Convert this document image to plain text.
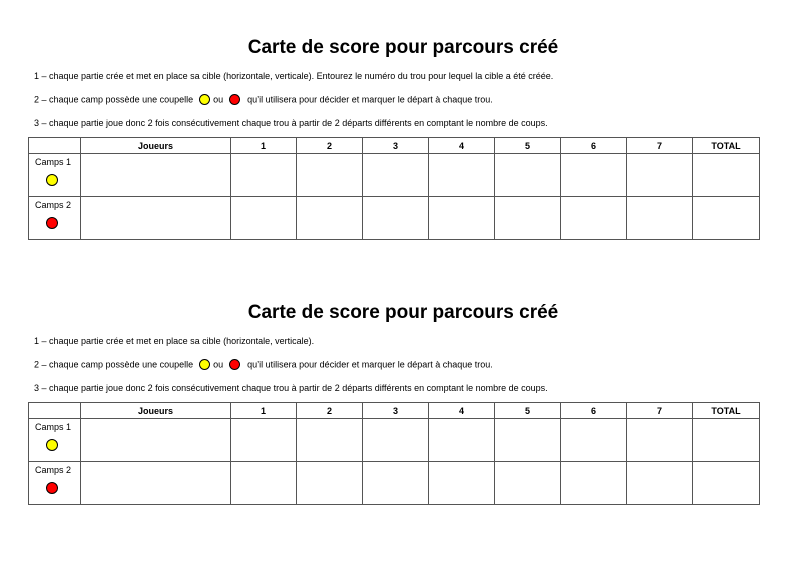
Carte de score pour parcours créé
1 – chaque partie crée et met en place sa cible (horizontale, verticale). Entourez le numéro du trou pour lequel la cible a été créée.
2 – chaque camp possède une coupelle ou	qu’il utilisera pour décider et marquer le départ à chaque trou.
3 – chaque partie joue donc 2 fois consécutivement chaque trou à partir de 2 départs différents en comptant le nombre de coups.
	Joueurs	1	2	3	4	5	6	7	TOTAL

Camps 1									

Camps 2									

Carte de score pour parcours créé
1 – chaque partie crée et met en place sa cible (horizontale, verticale).
2 – chaque camp possède une coupelle ou	qu’il utilisera pour décider et marquer le départ à chaque trou.
3 – chaque partie joue donc 2 fois consécutivement chaque trou à partir de 2 départs différents en comptant le nombre de coups.
	Joueurs	1	2	3	4	5	6	7	TOTAL

Camps 1									

Camps 2									
